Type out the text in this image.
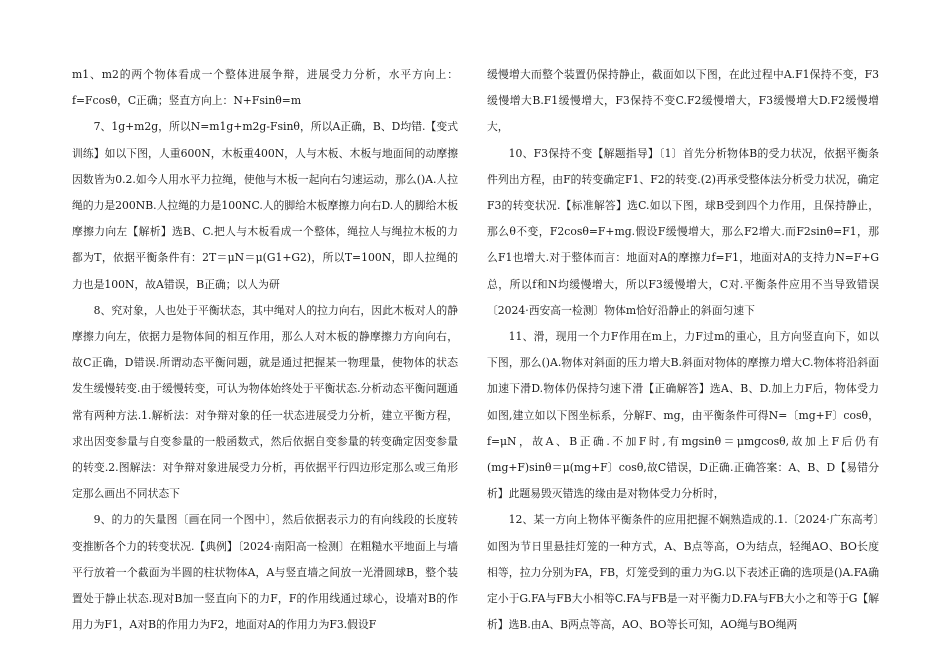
m1、m2的两个物体看成一个整体进展争辩，进展受力分析，水平方向上：f=Fcosθ，C正确；竖直方向上：N+Fsinθ=m

7、1g+m2g，所以N=m1g+m2g-Fsinθ，所以A正确，B、D均错.【变式训练】如以下图，人重600N，木板重400N，人与木板、木板与地面间的动摩擦因数皆为0.2.如今人用水平力拉绳，使他与木板一起向右匀速运动，那么()A.人拉绳的力是200NB.人拉绳的力是100NC.人的脚给木板摩擦力向右D.人的脚给木板摩擦力向左【解析】选B、C.把人与木板看成一个整体，绳拉人与绳拉木板的力都为T，依据平衡条件有：2T＝μN＝μ(G1+G2)，所以T=100N，即人拉绳的力也是100N，故A错误，B正确；以人为研

8、究对象，人也处于平衡状态，其中绳对人的拉力向右，因此木板对人的静摩擦力向左，依据力是物体间的相互作用，那么人对木板的静摩擦力方向向右，故C正确，D错误.所谓动态平衡问题，就是通过把握某一物理量，使物体的状态发生缓慢转变.由于缓慢转变，可认为物体始终处于平衡状态.分析动态平衡问题通常有两种方法.1.解析法：对争辩对象的任一状态进展受力分析，建立平衡方程，求出因变参量与自变参量的一般函数式，然后依据自变参量的转变确定因变参量的转变.2.图解法：对争辩对象进展受力分析，再依据平行四边形定那么或三角形定那么画出不同状态下

9、的力的矢量图〔画在同一个图中〕，然后依据表示力的有向线段的长度转变推断各个力的转变状况.【典例】〔2024·南阳高一检测〕在粗糙水平地面上与墙平行放着一个截面为半圆的柱状物体A，A与竖直墙之间放一光滑圆球B，整个装置处于静止状态.现对B加一竖直向下的力F，F的作用线通过球心，设墙对B的作用力为F1，A对B的作用力为F2，地面对A的作用力为F3.假设F

缓慢增大而整个装置仍保持静止，截面如以下图，在此过程中A.F1保持不变，F3缓慢增大B.F1缓慢增大，F3保持不变C.F2缓慢增大，F3缓慢增大D.F2缓慢增大，

10、F3保持不变【解题指导】〔1〕首先分析物体B的受力状况，依据平衡条件列出方程，由F的转变确定F1、F2的转变.(2)再承受整体法分析受力状况，确定F3的转变状况.【标准解答】选C.如以下图，球B受到四个力作用，且保持静止，那么θ不变，F2cosθ=F+mg.假设F缓慢增大，那么F2增大.而F2sinθ=F1，那么F1也增大.对于整体而言：地面对A的摩擦力f=F1，地面对A的支持力N=F+G总，所以f和N均缓慢增大，所以F3缓慢增大，C对.平衡条件应用不当导致错误〔2024·西安高一检测〕物体m恰好沿静止的斜面匀速下

11、滑，现用一个力F作用在m上，力F过m的重心，且方向竖直向下，如以下图，那么()A.物体对斜面的压力增大B.斜面对物体的摩擦力增大C.物体将沿斜面加速下滑D.物体仍保持匀速下滑【正确解答】选A、B、D.加上力F后，物体受力如图,建立如以下图坐标系，分解F、mg，由平衡条件可得N=〔mg+F〕cosθ，f=μN，故A、B正确.不加F时,有mgsinθ＝μmgcosθ,故加上F后仍有(mg+F)sinθ＝μ(mg+F〕cosθ,故C错误，D正确.正确答案：A、B、D【易错分析】此题易毁灭错选的缘由是对物体受力分析时，

12、某一方向上物体平衡条件的应用把握不娴熟造成的.1.〔2024·广东高考〕如图为节日里悬挂灯笼的一种方式，A、B点等高，O为结点，轻绳AO、BO长度相等，拉力分别为FA，FB，灯笼受到的重力为G.以下表述正确的选项是()A.FA确定小于G.FA与FB大小相等C.FA与FB是一对平衡力D.FA与FB大小之和等于G【解析】选B.由A、B两点等高，AO、BO等长可知，AO绳与BO绳两
